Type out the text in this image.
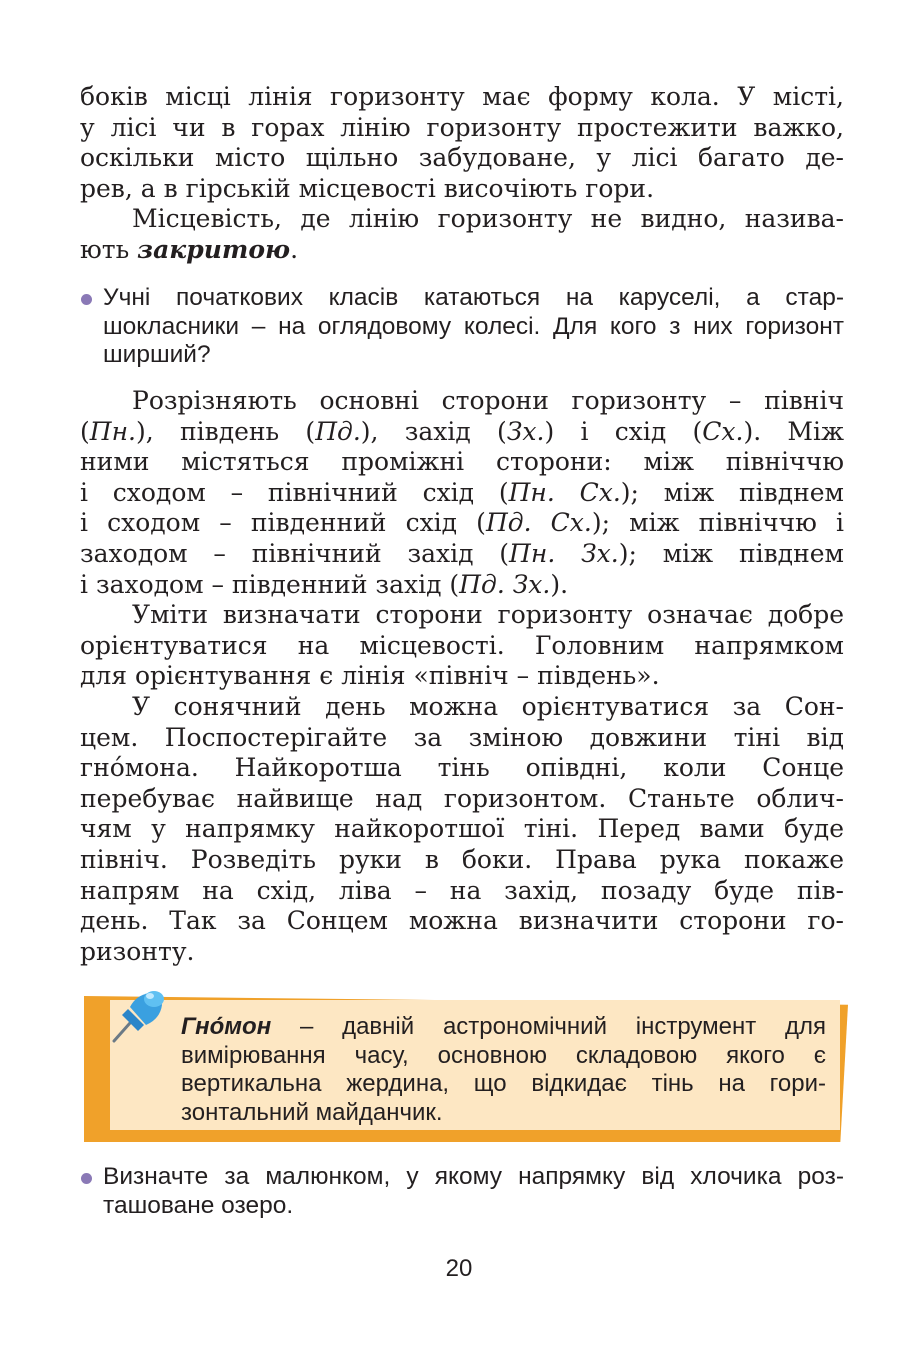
боків місці лінія горизонту має форму кола. У місті,
у лісі чи в горах лінію горизонту простежити важко,
оскільки місто щільно забудоване, у лісі багато де-
рев, а в гірській місцевості височіють гори.

Місцевість, де лінію горизонту не видно, назива-
ють закритою.

Учні початкових класів катаються на каруселі, а стар-
шокласники – на оглядовому колесі. Для кого з них горизонт
ширший?

Розрізняють основні сторони горизонту – північ
(Пн.), південь (Пд.), захід (Зх.) і схід (Сх.). Між
ними містяться проміжні сторони: між північчю
і сходом – північний схід (Пн. Сх.); між півднем
і сходом – південний схід (Пд. Сх.); між північчю і
заходом – північний захід (Пн. Зх.); між півднем
і заходом – південний захід (Пд. Зх.).

Уміти визначати сторони горизонту означає добре
орієнтуватися на місцевості. Головним напрямком
для орієнтування є лінія «північ – південь».

У сонячний день можна орієнтуватися за Сон-
цем. Поспостерігайте за зміною довжини тіні від
гно́мона. Найкоротша тінь опівдні, коли Сонце
перебуває найвище над горизонтом. Станьте облич-
чям у напрямку найкоротшої тіні. Перед вами буде
північ. Розведіть руки в боки. Права рука покаже
напрям на схід, ліва – на захід, позаду буде пів-
день. Так за Сонцем можна визначити сторони го-
ризонту.

Гно́мон – давній астрономічний інструмент для
вимірювання часу, основною складовою якого є
вертикальна жердина, що відкидає тінь на гори-
зонтальний майданчик.

Визначте за малюнком, у якому напрямку від хлочика роз-
ташоване озеро.

20
